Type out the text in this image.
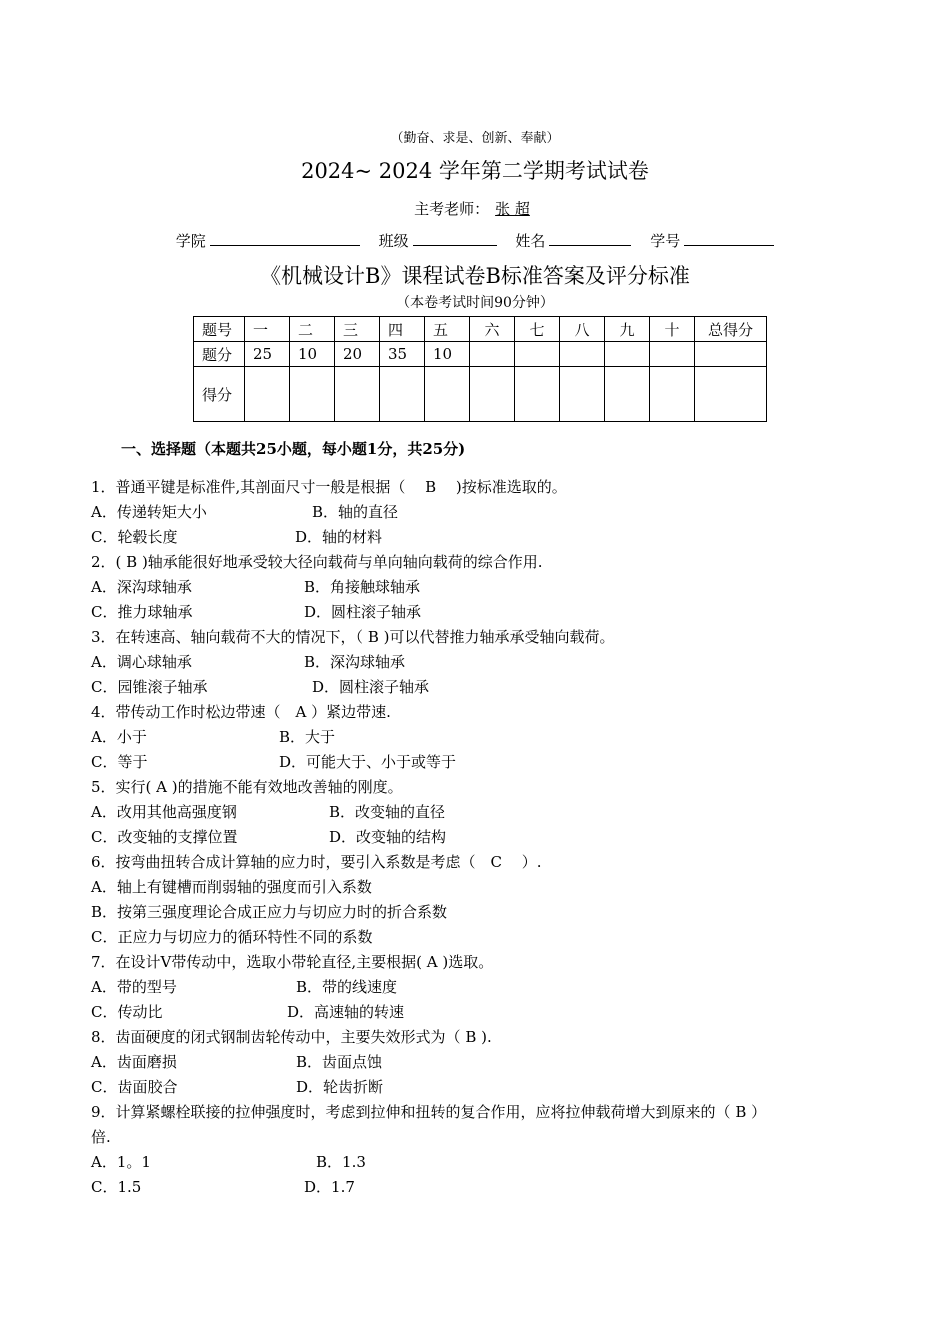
（勤奋、求是、创新、奉献）
2024~ 2024 学年第二学期考试试卷
主考老师： 张 超
学院	班级	姓名	学号
《机械设计B》课程试卷B标准答案及评分标准
（本卷考试时间90分钟）
题号	一	二	三	四	五	六	七	八	九	十	总得分
题分	25	10	20	35	10						
得分											
一、选择题（本题共25小题，每小题1分，共25分)
1．普通平键是标准件,其剖面尺寸一般是根据（　 B　 )按标准选取的。
A．传递转矩大小	B．轴的直径
C．轮毂长度	D．轴的材料
2．( B )轴承能很好地承受较大径向载荷与单向轴向载荷的综合作用.
A．深沟球轴承	B．角接触球轴承
C．推力球轴承	D．圆柱滚子轴承
3．在转速高、轴向载荷不大的情况下，（ B )可以代替推力轴承承受轴向载荷。
A．调心球轴承	B．深沟球轴承
C．园锥滚子轴承	D．圆柱滚子轴承
4．带传动工作时松边带速（　A ）紧边带速.
A．小于	B．大于
C．等于	D．可能大于、小于或等于
5．实行( A )的措施不能有效地改善轴的刚度。
A．改用其他高强度钢	B．改变轴的直径
C．改变轴的支撑位置	D．改变轴的结构
6．按弯曲扭转合成计算轴的应力时，要引入系数是考虑（　C　 ）.
A．轴上有键槽而削弱轴的强度而引入系数
B．按第三强度理论合成正应力与切应力时的折合系数
C．正应力与切应力的循环特性不同的系数
7．在设计V带传动中，选取小带轮直径,主要根据( A )选取。
A．带的型号	B．带的线速度
C．传动比	D．高速轴的转速
8．齿面硬度的闭式钢制齿轮传动中，主要失效形式为（ B ).
A．齿面磨损	B．齿面点蚀
C．齿面胶合	D．轮齿折断
9．计算紧螺栓联接的拉伸强度时，考虑到拉伸和扭转的复合作用，应将拉伸载荷增大到原来的（ B ）
倍.
A．1。1	B．1.3
C．1.5	D．1.7
